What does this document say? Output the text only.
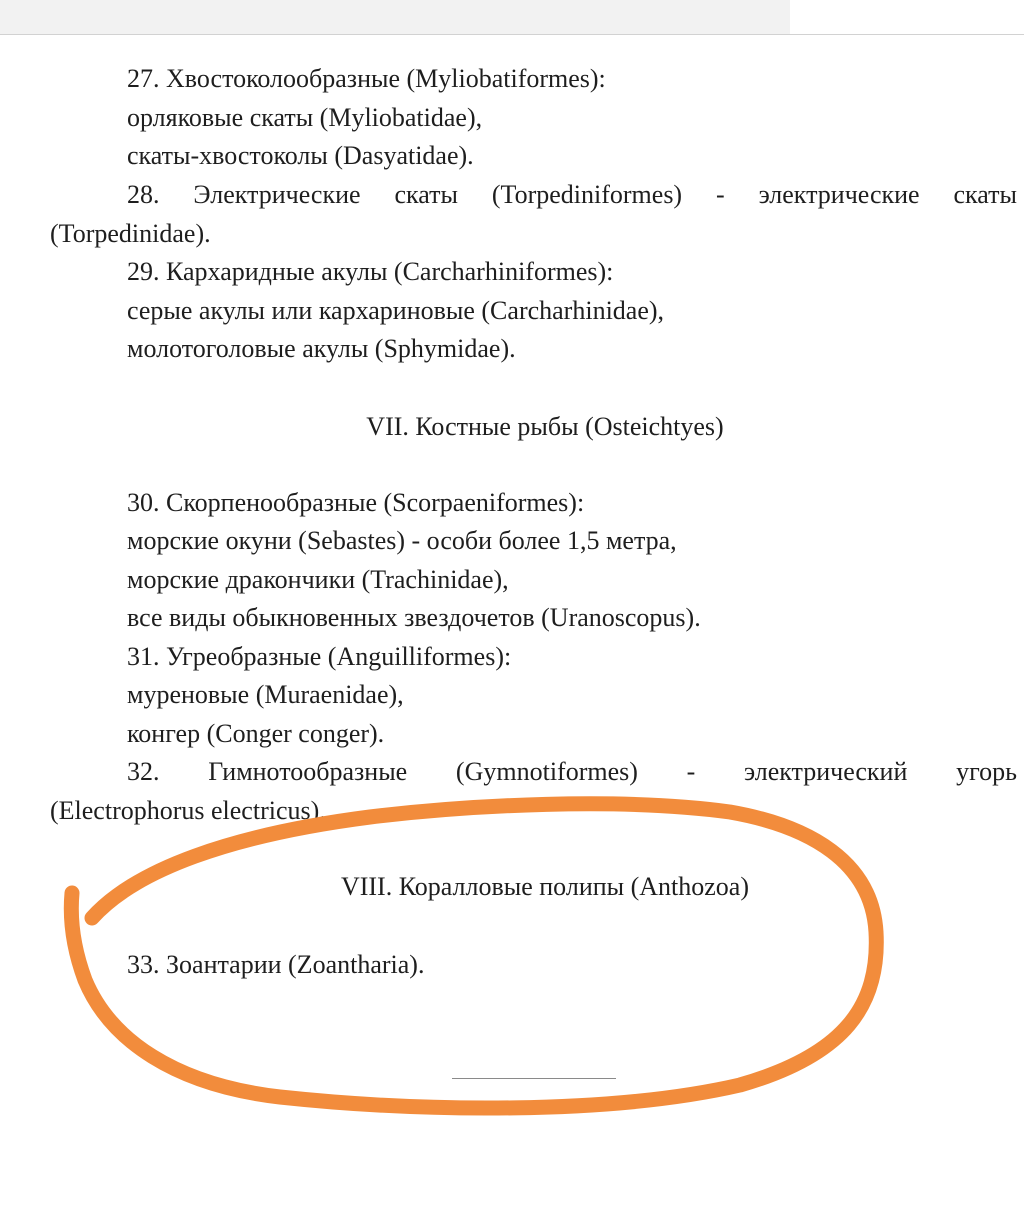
27. Хвостоколообразные (Myliobatiformes):
орляковые скаты (Myliobatidae),
скаты-хвостоколы (Dasyatidae).
28. Электрические скаты (Torpediniformes) - электрические скаты
(Torpedinidae).
29. Кархаридные акулы (Carcharhiniformes):
серые акулы или кархариновые (Carcharhinidae),
молотоголовые акулы (Sphymidae).
VII. Костные рыбы (Osteichtyes)
30. Скорпенообразные (Scorpaeniformes):
морские окуни (Sebastes) - особи более 1,5 метра,
морские дракончики (Trachinidae),
все виды обыкновенных звездочетов (Uranoscopus).
31. Угреобразные (Anguilliformes):
муреновые (Muraenidae),
конгер (Conger conger).
32. Гимнотообразные (Gymnotiformes) - электрический угорь
(Electrophorus electricus).
VIII. Коралловые полипы (Anthozoa)
33. Зоантарии (Zoantharia).
